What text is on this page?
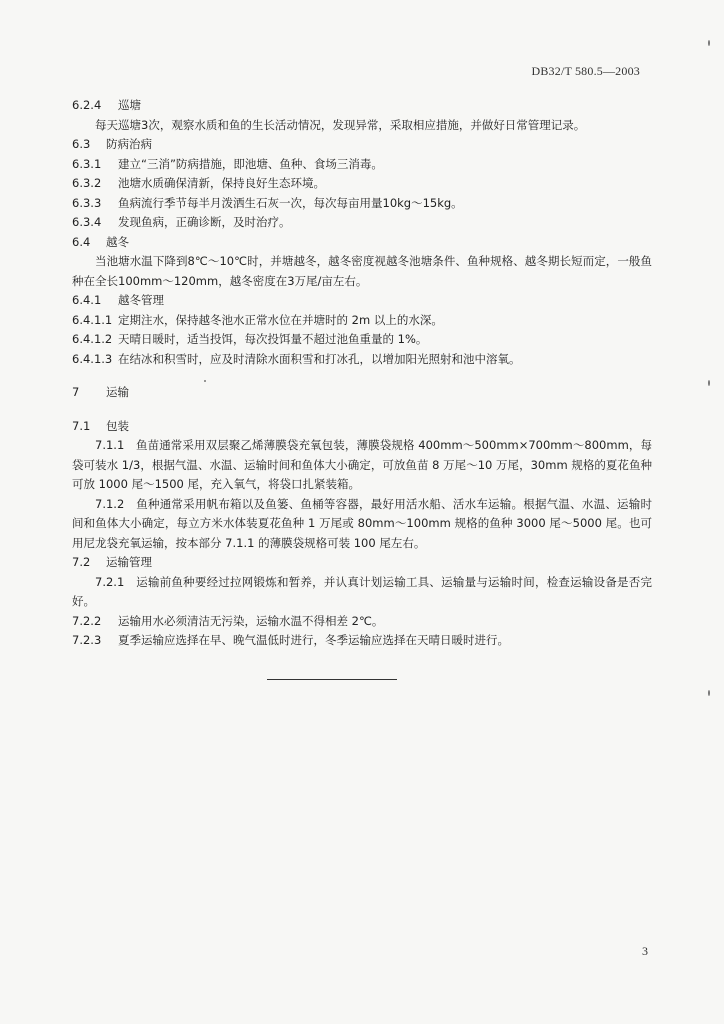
DB32/T 580.5—2003
6.2.4 巡塘
每天巡塘3次，观察水质和鱼的生长活动情况，发现异常，采取相应措施，并做好日常管理记录。
6.3 防病治病
6.3.1 建立“三消”防病措施，即池塘、鱼种、食场三消毒。
6.3.2 池塘水质确保清新，保持良好生态环境。
6.3.3 鱼病流行季节每半月泼洒生石灰一次，每次每亩用量10kg～15kg。
6.3.4 发现鱼病，正确诊断，及时治疗。
6.4 越冬
当池塘水温下降到8℃～10℃时，并塘越冬，越冬密度视越冬池塘条件、鱼种规格、越冬期长短而定，一般鱼种在全长100mm～120mm，越冬密度在3万尾/亩左右。
6.4.1 越冬管理
6.4.1.1 定期注水，保持越冬池水正常水位在并塘时的 2m 以上的水深。
6.4.1.2 天晴日暖时，适当投饵，每次投饵量不超过池鱼重量的 1%。
6.4.1.3 在结冰和积雪时，应及时清除水面积雪和打冰孔，以增加阳光照射和池中溶氧。
7 运输
7.1 包装
7.1.1　 鱼苗通常采用双层聚乙烯薄膜袋充氧包装，薄膜袋规格 400mm～500mm×700mm～800mm，每袋可装水 1/3，根据气温、水温、运输时间和鱼体大小确定，可放鱼苗 8 万尾～10 万尾，30mm 规格的夏花鱼种可放 1000 尾～1500 尾，充入氧气，将袋口扎紧装箱。
7.1.2　 鱼种通常采用帆布箱以及鱼篓、鱼桶等容器，最好用活水船、活水车运输。根据气温、水温、运输时间和鱼体大小确定，每立方米水体装夏花鱼种 1 万尾或 80mm～100mm 规格的鱼种 3000 尾～5000 尾。也可用尼龙袋充氧运输，按本部分 7.1.1 的薄膜袋规格可装 100 尾左右。
7.2 运输管理
7.2.1　 运输前鱼种要经过拉网锻炼和暂养，并认真计划运输工具、运输量与运输时间，检查运输设备是否完好。
7.2.2 运输用水必须清洁无污染，运输水温不得相差 2℃。
7.2.3 夏季运输应选择在早、晚气温低时进行，冬季运输应选择在天晴日暖时进行。
3
